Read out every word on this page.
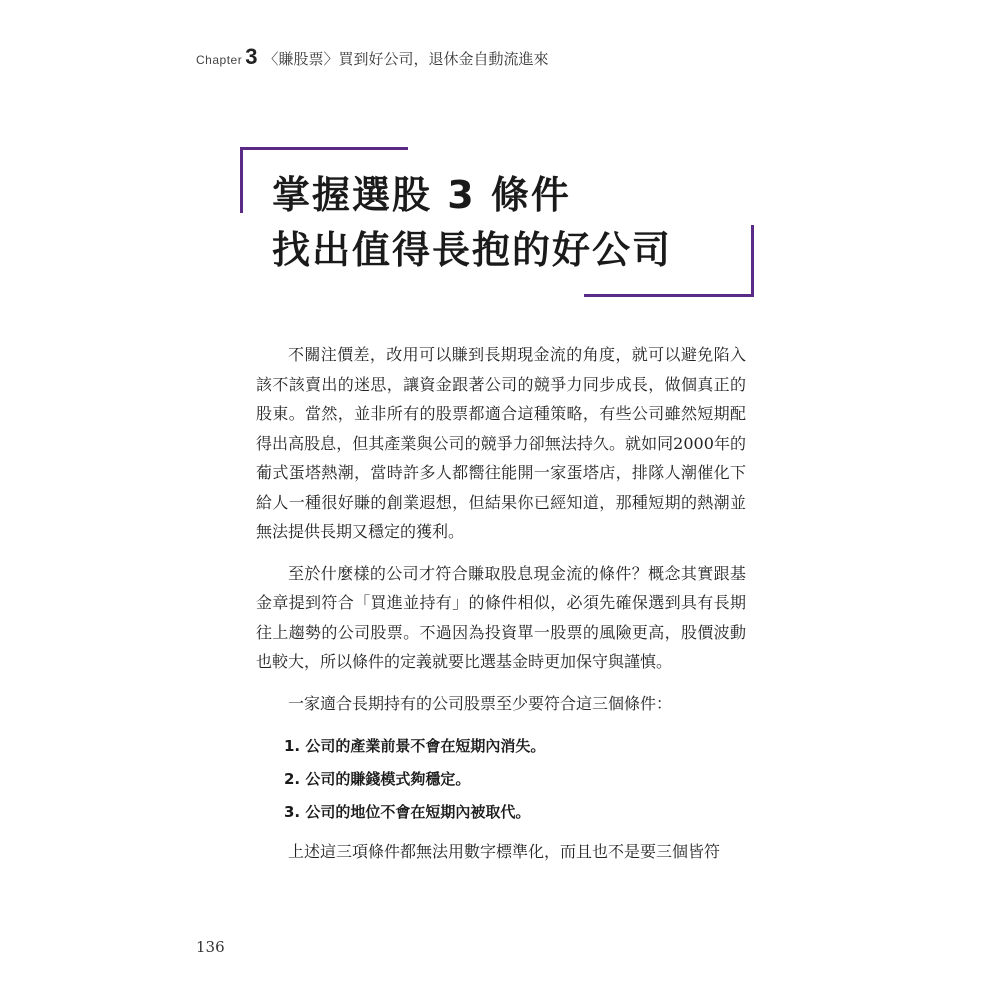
Chapter 3 〈賺股票〉買到好公司，退休金自動流進來
掌握選股 3 條件
找出值得長抱的好公司

不關注價差，改用可以賺到長期現金流的角度，就可以避免陷入該不該賣出的迷思，讓資金跟著公司的競爭力同步成長，做個真正的股東。當然，並非所有的股票都適合這種策略，有些公司雖然短期配得出高股息，但其產業與公司的競爭力卻無法持久。就如同2000年的葡式蛋塔熱潮，當時許多人都嚮往能開一家蛋塔店，排隊人潮催化下給人一種很好賺的創業遐想，但結果你已經知道，那種短期的熱潮並無法提供長期又穩定的獲利。

至於什麼樣的公司才符合賺取股息現金流的條件？概念其實跟基金章提到符合「買進並持有」的條件相似，必須先確保選到具有長期往上趨勢的公司股票。不過因為投資單一股票的風險更高，股價波動也較大，所以條件的定義就要比選基金時更加保守與謹慎。

一家適合長期持有的公司股票至少要符合這三個條件：

1. 公司的產業前景不會在短期內消失。
2. 公司的賺錢模式夠穩定。
3. 公司的地位不會在短期內被取代。

上述這三項條件都無法用數字標準化，而且也不是要三個皆符

136
